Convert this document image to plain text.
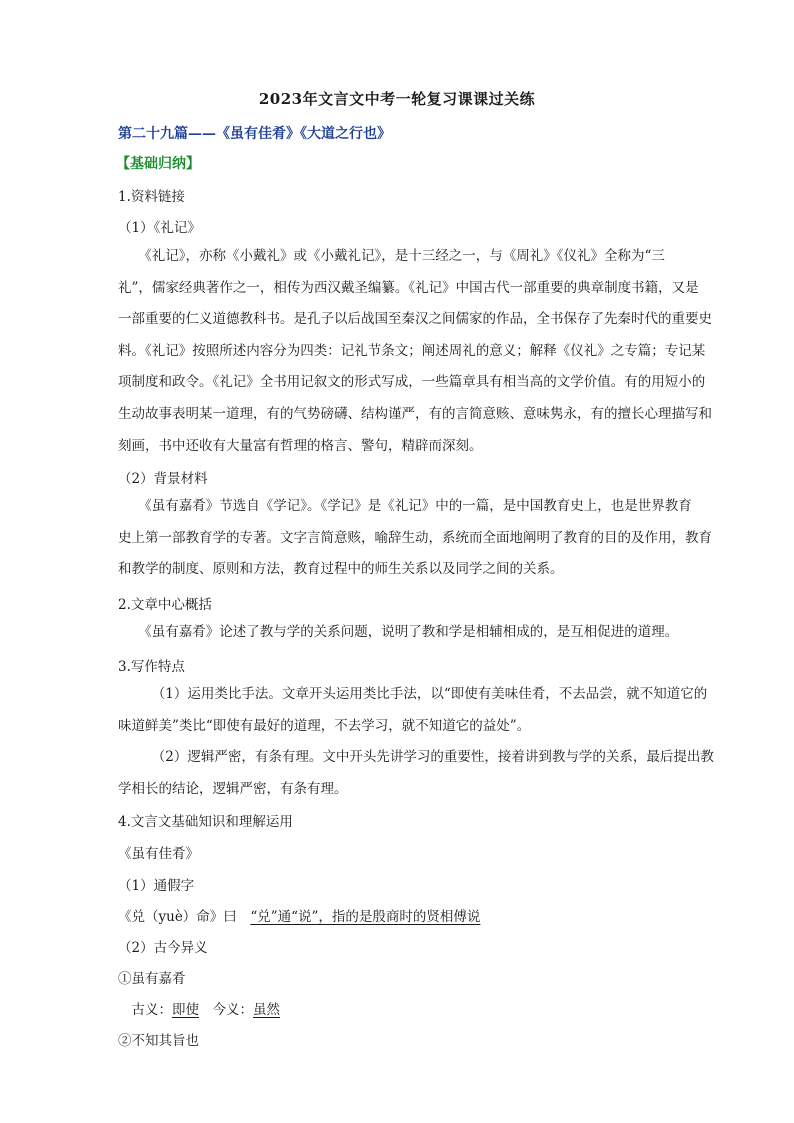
2023年文言文中考一轮复习课课过关练
第二十九篇——《虽有佳肴》《大道之行也》
【基础归纳】
1.资料链接
（1）《礼记》
　　《礼记》，亦称《小戴礼》或《小戴礼记》，是十三经之一，与《周礼》《仪礼》全称为“三
礼”，儒家经典著作之一，相传为西汉戴圣编纂。《礼记》中国古代一部重要的典章制度书籍，又是
一部重要的仁义道德教科书。是孔子以后战国至秦汉之间儒家的作品，全书保存了先秦时代的重要史
料。《礼记》按照所述内容分为四类：记礼节条文；阐述周礼的意义；解释《仪礼》之专篇；专记某
项制度和政令。《礼记》全书用记叙文的形式写成，一些篇章具有相当高的文学价值。有的用短小的
生动故事表明某一道理，有的气势磅礴、结构谨严，有的言简意赅、意味隽永，有的擅长心理描写和
刻画，书中还收有大量富有哲理的格言、警句，精辟而深刻。
（2）背景材料
　　《虽有嘉肴》节选自《学记》。《学记》是《礼记》中的一篇，是中国教育史上，也是世界教育
史上第一部教育学的专著。文字言简意赅，喻辞生动，系统而全面地阐明了教育的目的及作用，教育
和教学的制度、原则和方法，教育过程中的师生关系以及同学之间的关系。
2.文章中心概括
　　《虽有嘉肴》论述了教与学的关系问题，说明了教和学是相辅相成的，是互相促进的道理。
3.写作特点
　　　（1）运用类比手法。文章开头运用类比手法，以“即使有美味佳肴，不去品尝，就不知道它的
味道鲜美”类比“即使有最好的道理，不去学习，就不知道它的益处”。
　　　（2）逻辑严密，有条有理。文中开头先讲学习的重要性，接着讲到教与学的关系，最后提出教
学相长的结论，逻辑严密，有条有理。
4.文言文基础知识和理解运用
《虽有佳肴》
（1）通假字
《兑（yuè）命》曰　“兑”通“说”，指的是殷商时的贤相傅说
（2）古今异义
①虽有嘉肴
　古义：即使　今义：虽然
②不知其旨也
